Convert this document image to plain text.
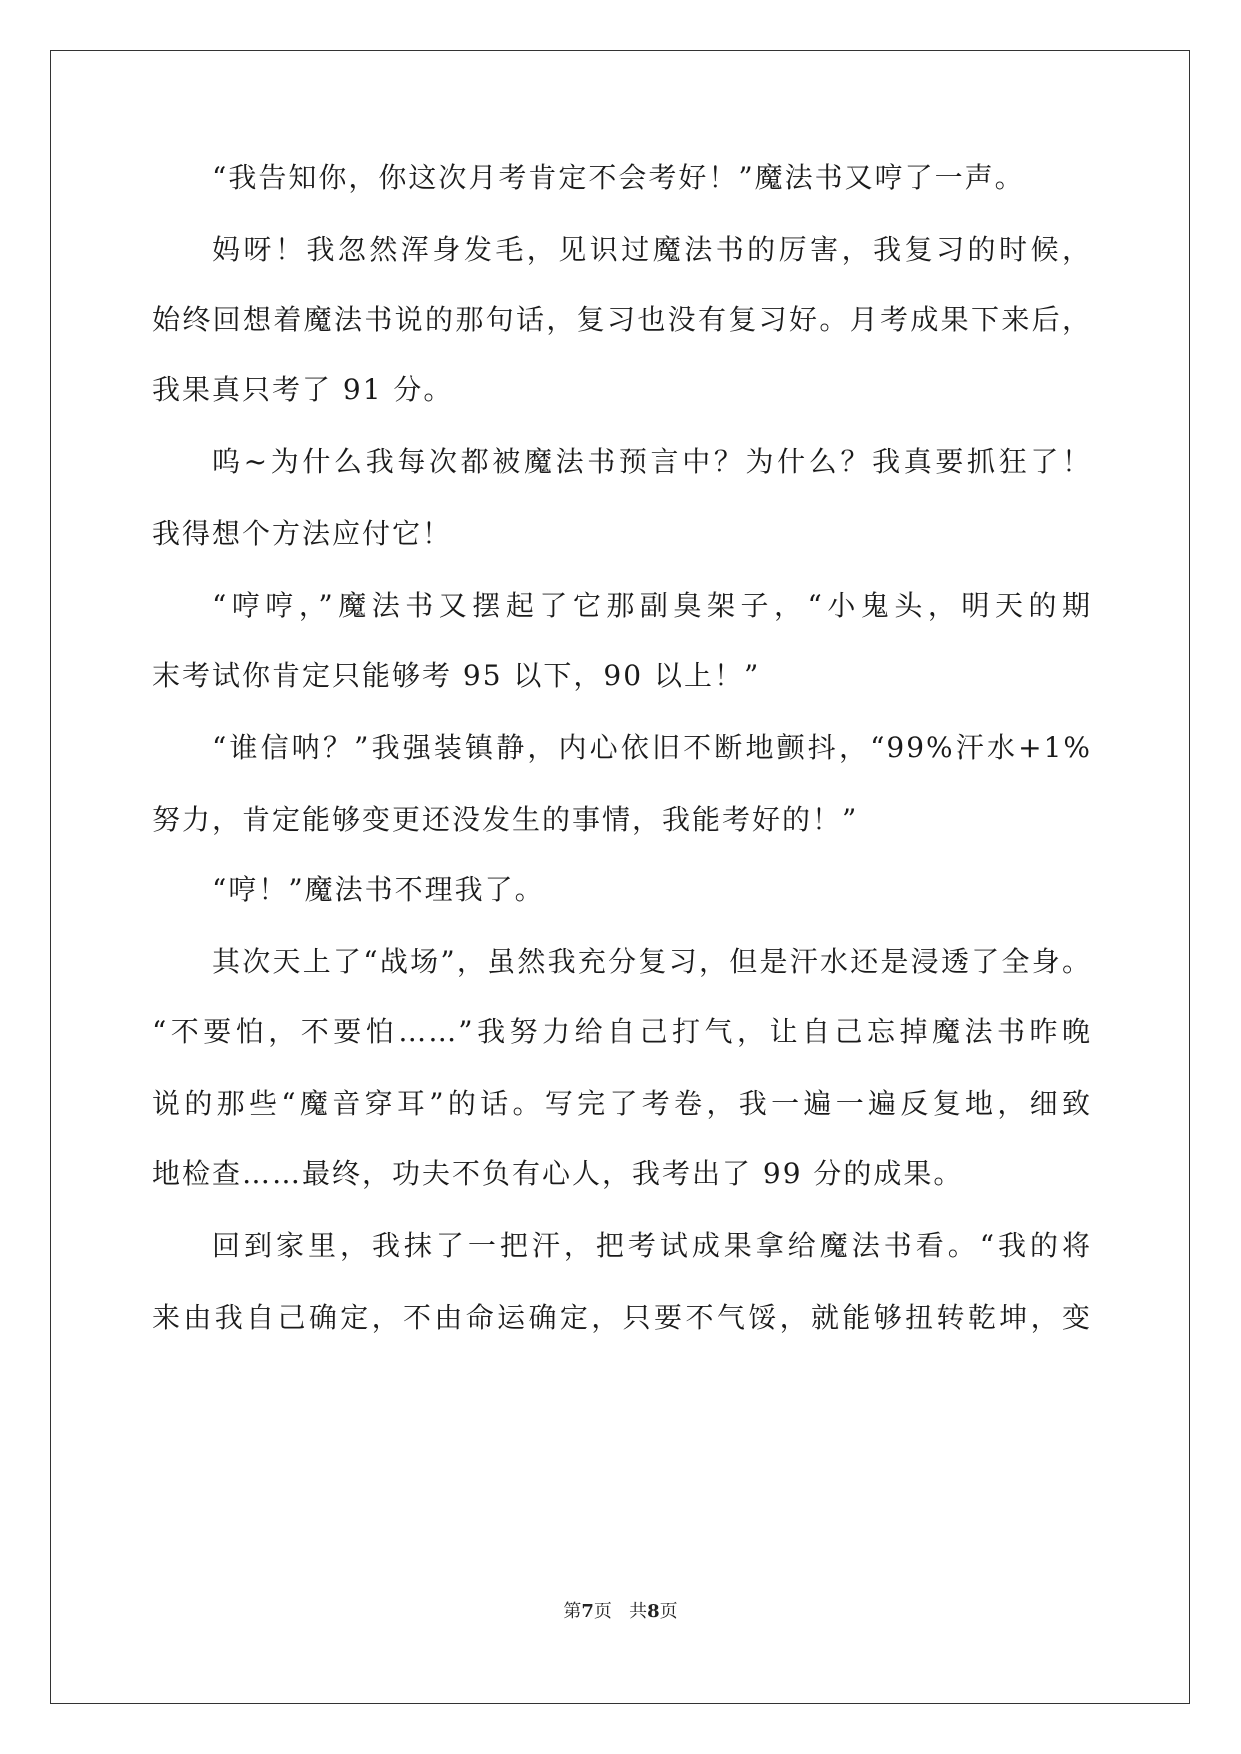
“我告知你，你这次月考肯定不会考好！”魔法书又哼了一声。
妈呀！我忽然浑身发毛，见识过魔法书的厉害，我复习的时候，
始终回想着魔法书说的那句话，复习也没有复习好。月考成果下来后，
我果真只考了 91 分。
呜~为什么我每次都被魔法书预言中？为什么？我真要抓狂了！
我得想个方法应付它！
“哼哼，”魔法书又摆起了它那副臭架子，“小鬼头，明天的期
末考试你肯定只能够考 95 以下，90 以上！”
“谁信呐？”我强装镇静，内心依旧不断地颤抖，“99%汗水+1%
努力，肯定能够变更还没发生的事情，我能考好的！”
“哼！”魔法书不理我了。
其次天上了“战场”，虽然我充分复习，但是汗水还是浸透了全身。
“不要怕，不要怕……”我努力给自己打气，让自己忘掉魔法书昨晚
说的那些“魔音穿耳”的话。写完了考卷，我一遍一遍反复地，细致
地检查……最终，功夫不负有心人，我考出了 99 分的成果。
回到家里，我抹了一把汗，把考试成果拿给魔法书看。“我的将
来由我自己确定，不由命运确定，只要不气馁，就能够扭转乾坤，变
第7页 共8页
